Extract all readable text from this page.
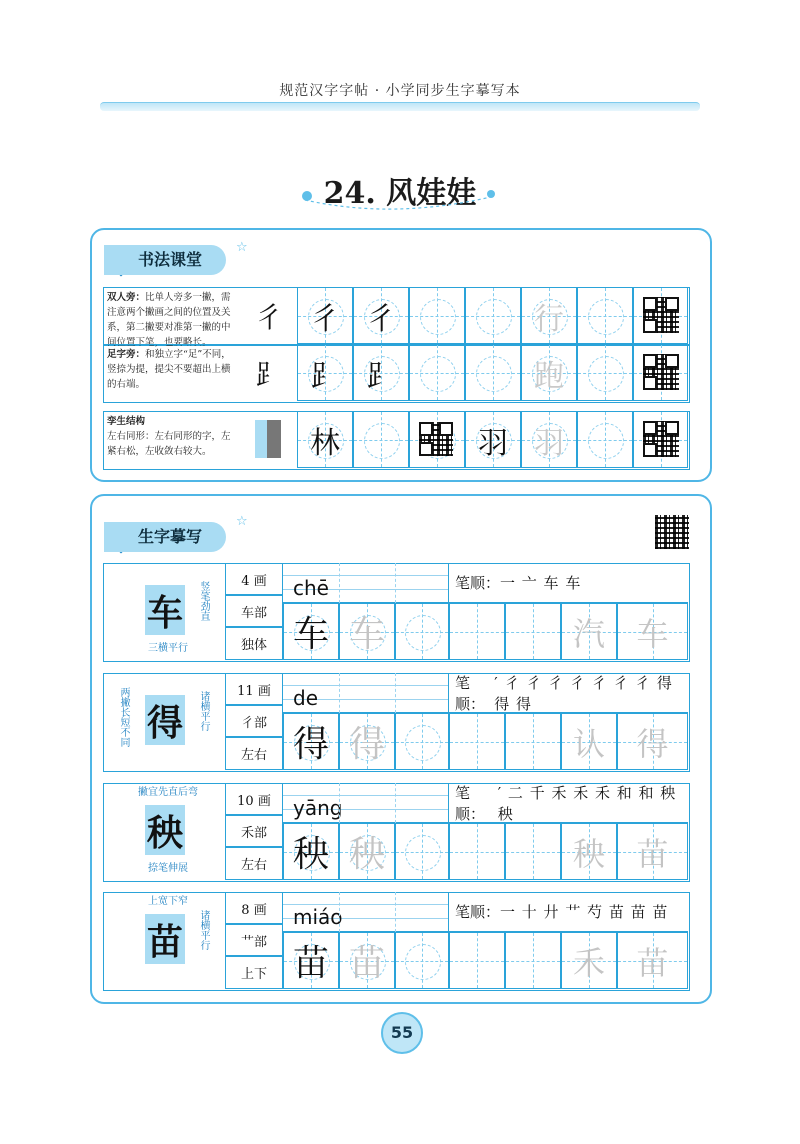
规范汉字字帖 · 小学同步生字摹写本
24. 风娃娃
书法课堂
☆
双人旁：比单人旁多一撇，需注意两个撇画之间的位置及关系，第二撇要对准第一撇的中间位置下笔，也要略长。
彳 彳 彳	行
足字旁：和独立字“足”不同，竖捺为提，提尖不要超出上横的右端。	⻊ ⻊ ⻊	跑
孪生结构
左右同形：左右同形的字，左紧右松，左收敛右较大。	林	羽 羽
生字摹写
☆
车
三横平行
竖笔劲直	4 画
车部
独体
chē	笔顺： 一 亠 车 车
车 车	汽 车
得
两撇长短不同	诸横平行	11 画
彳部
左右
de
笔顺：
′ 彳 彳 彳 彳 彳 彳 彳 得 得 得
得 得	认 得
秧
撇宜先直后弯
捺笔伸展
10 画
禾部
左右
yāng
笔顺：
′ 二 千 禾 禾 禾 和 和 秧 秧
秧 秧	秧 苗
苗
上宽下窄
诸横平行	8 画
艹部
上下
miáo	笔顺： 一 十 廾 艹 芍 苗 苗 苗
苗 苗	禾 苗
55
